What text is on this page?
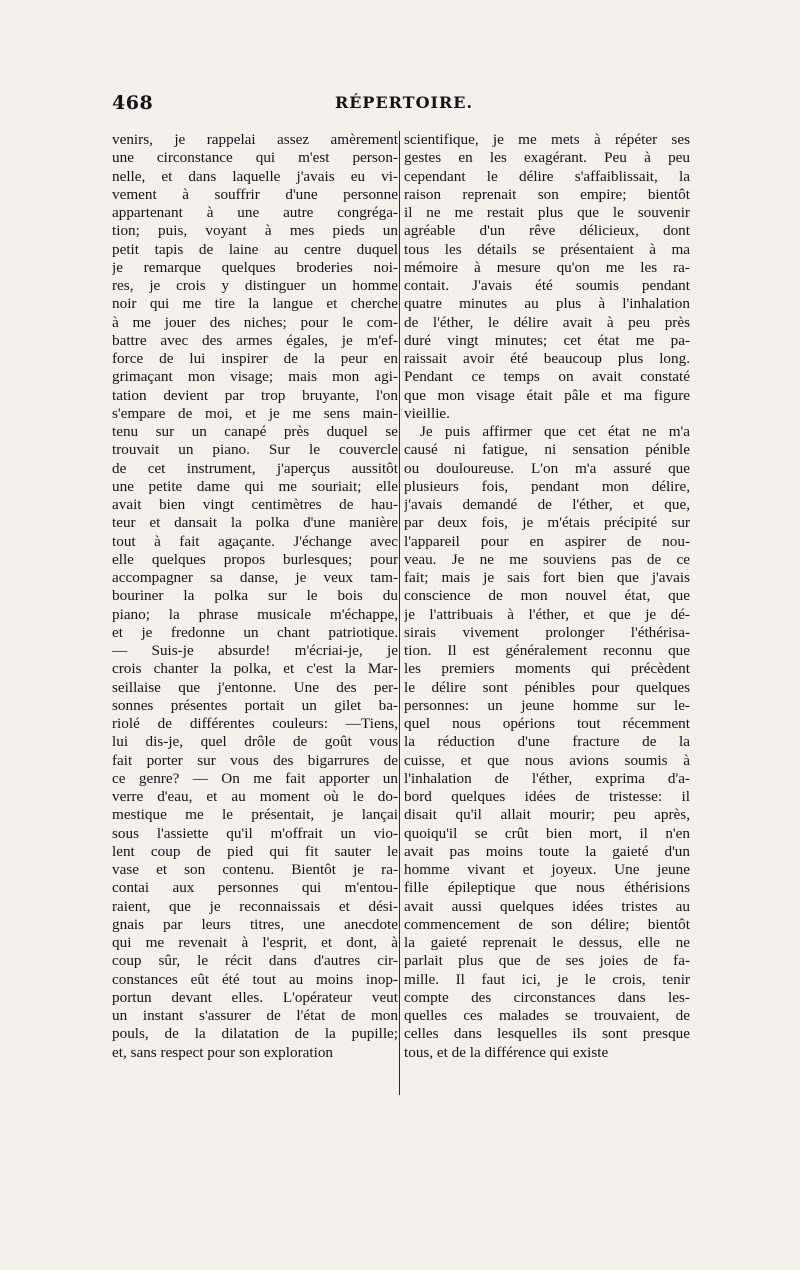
468	RÉPERTOIRE.
venirs, je rappelai assez amèrement
une circonstance qui m'est person-
nelle, et dans laquelle j'avais eu vi-
vement à souffrir d'une personne
appartenant à une autre congréga-
tion; puis, voyant à mes pieds un
petit tapis de laine au centre duquel
je remarque quelques broderies noi-
res, je crois y distinguer un homme
noir qui me tire la langue et cherche
à me jouer des niches; pour le com-
battre avec des armes égales, je m'ef-
force de lui inspirer de la peur en
grimaçant mon visage; mais mon agi-
tation devient par trop bruyante, l'on
s'empare de moi, et je me sens main-
tenu sur un canapé près duquel se
trouvait un piano. Sur le couvercle
de cet instrument, j'aperçus aussitôt
une petite dame qui me souriait; elle
avait bien vingt centimètres de hau-
teur et dansait la polka d'une manière
tout à fait agaçante. J'échange avec
elle quelques propos burlesques; pour
accompagner sa danse, je veux tam-
bouriner la polka sur le bois du
piano; la phrase musicale m'échappe,
et je fredonne un chant patriotique.
— Suis-je absurde! m'écriai-je, je
crois chanter la polka, et c'est la Mar-
seillaise que j'entonne. Une des per-
sonnes présentes portait un gilet ba-
riolé de différentes couleurs: —Tiens,
lui dis-je, quel drôle de goût vous
fait porter sur vous des bigarrures de
ce genre? — On me fait apporter un
verre d'eau, et au moment où le do-
mestique me le présentait, je lançai
sous l'assiette qu'il m'offrait un vio-
lent coup de pied qui fit sauter le
vase et son contenu. Bientôt je ra-
contai aux personnes qui m'entou-
raient, que je reconnaissais et dési-
gnais par leurs titres, une anecdote
qui me revenait à l'esprit, et dont, à
coup sûr, le récit dans d'autres cir-
constances eût été tout au moins inop-
portun devant elles. L'opérateur veut
un instant s'assurer de l'état de mon
pouls, de la dilatation de la pupille;
et, sans respect pour son exploration
scientifique, je me mets à répéter ses
gestes en les exagérant. Peu à peu
cependant le délire s'affaiblissait, la
raison reprenait son empire; bientôt
il ne me restait plus que le souvenir
agréable d'un rêve délicieux, dont
tous les détails se présentaient à ma
mémoire à mesure qu'on me les ra-
contait. J'avais été soumis pendant
quatre minutes au plus à l'inhalation
de l'éther, le délire avait à peu près
duré vingt minutes; cet état me pa-
raissait avoir été beaucoup plus long.
Pendant ce temps on avait constaté
que mon visage était pâle et ma figure
vieillie.
Je puis affirmer que cet état ne m'a
causé ni fatigue, ni sensation pénible
ou douloureuse. L'on m'a assuré que
plusieurs fois, pendant mon délire,
j'avais demandé de l'éther, et que,
par deux fois, je m'étais précipité sur
l'appareil pour en aspirer de nou-
veau. Je ne me souviens pas de ce
fait; mais je sais fort bien que j'avais
conscience de mon nouvel état, que
je l'attribuais à l'éther, et que je dé-
sirais vivement prolonger l'éthérisa-
tion. Il est généralement reconnu que
les premiers moments qui précèdent
le délire sont pénibles pour quelques
personnes: un jeune homme sur le-
quel nous opérions tout récemment
la réduction d'une fracture de la
cuisse, et que nous avions soumis à
l'inhalation de l'éther, exprima d'a-
bord quelques idées de tristesse: il
disait qu'il allait mourir; peu après,
quoiqu'il se crût bien mort, il n'en
avait pas moins toute la gaieté d'un
homme vivant et joyeux. Une jeune
fille épileptique que nous éthérisions
avait aussi quelques idées tristes au
commencement de son délire; bientôt
la gaieté reprenait le dessus, elle ne
parlait plus que de ses joies de fa-
mille. Il faut ici, je le crois, tenir
compte des circonstances dans les-
quelles ces malades se trouvaient, de
celles dans lesquelles ils sont presque
tous, et de la différence qui existe
